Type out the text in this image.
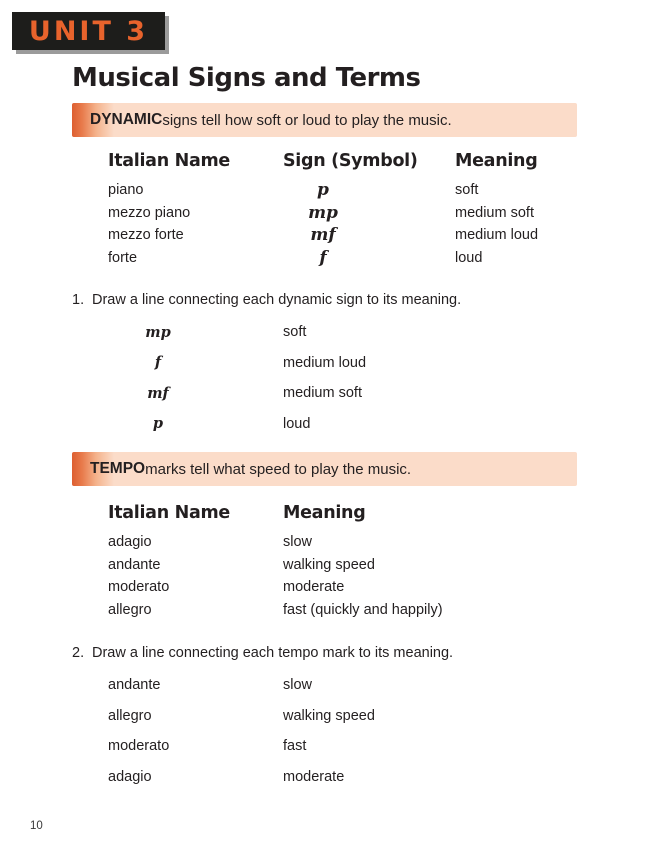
UNIT 3
Musical Signs and Terms
DYNAMIC signs tell how soft or loud to play the music.
Italian Name	Sign (Symbol)	Meaning
piano	p	soft
mezzo piano	mp	medium soft
mezzo forte	mf	medium loud
forte	f	loud
1. Draw a line connecting each dynamic sign to its meaning.
mp	soft
f	medium loud
mf	medium soft
p	loud
TEMPO marks tell what speed to play the music.
Italian Name	Meaning
adagio	slow
andante	walking speed
moderato	moderate
allegro	fast (quickly and happily)
2. Draw a line connecting each tempo mark to its meaning.
andante	slow
allegro	walking speed
moderato	fast
adagio	moderate
10
